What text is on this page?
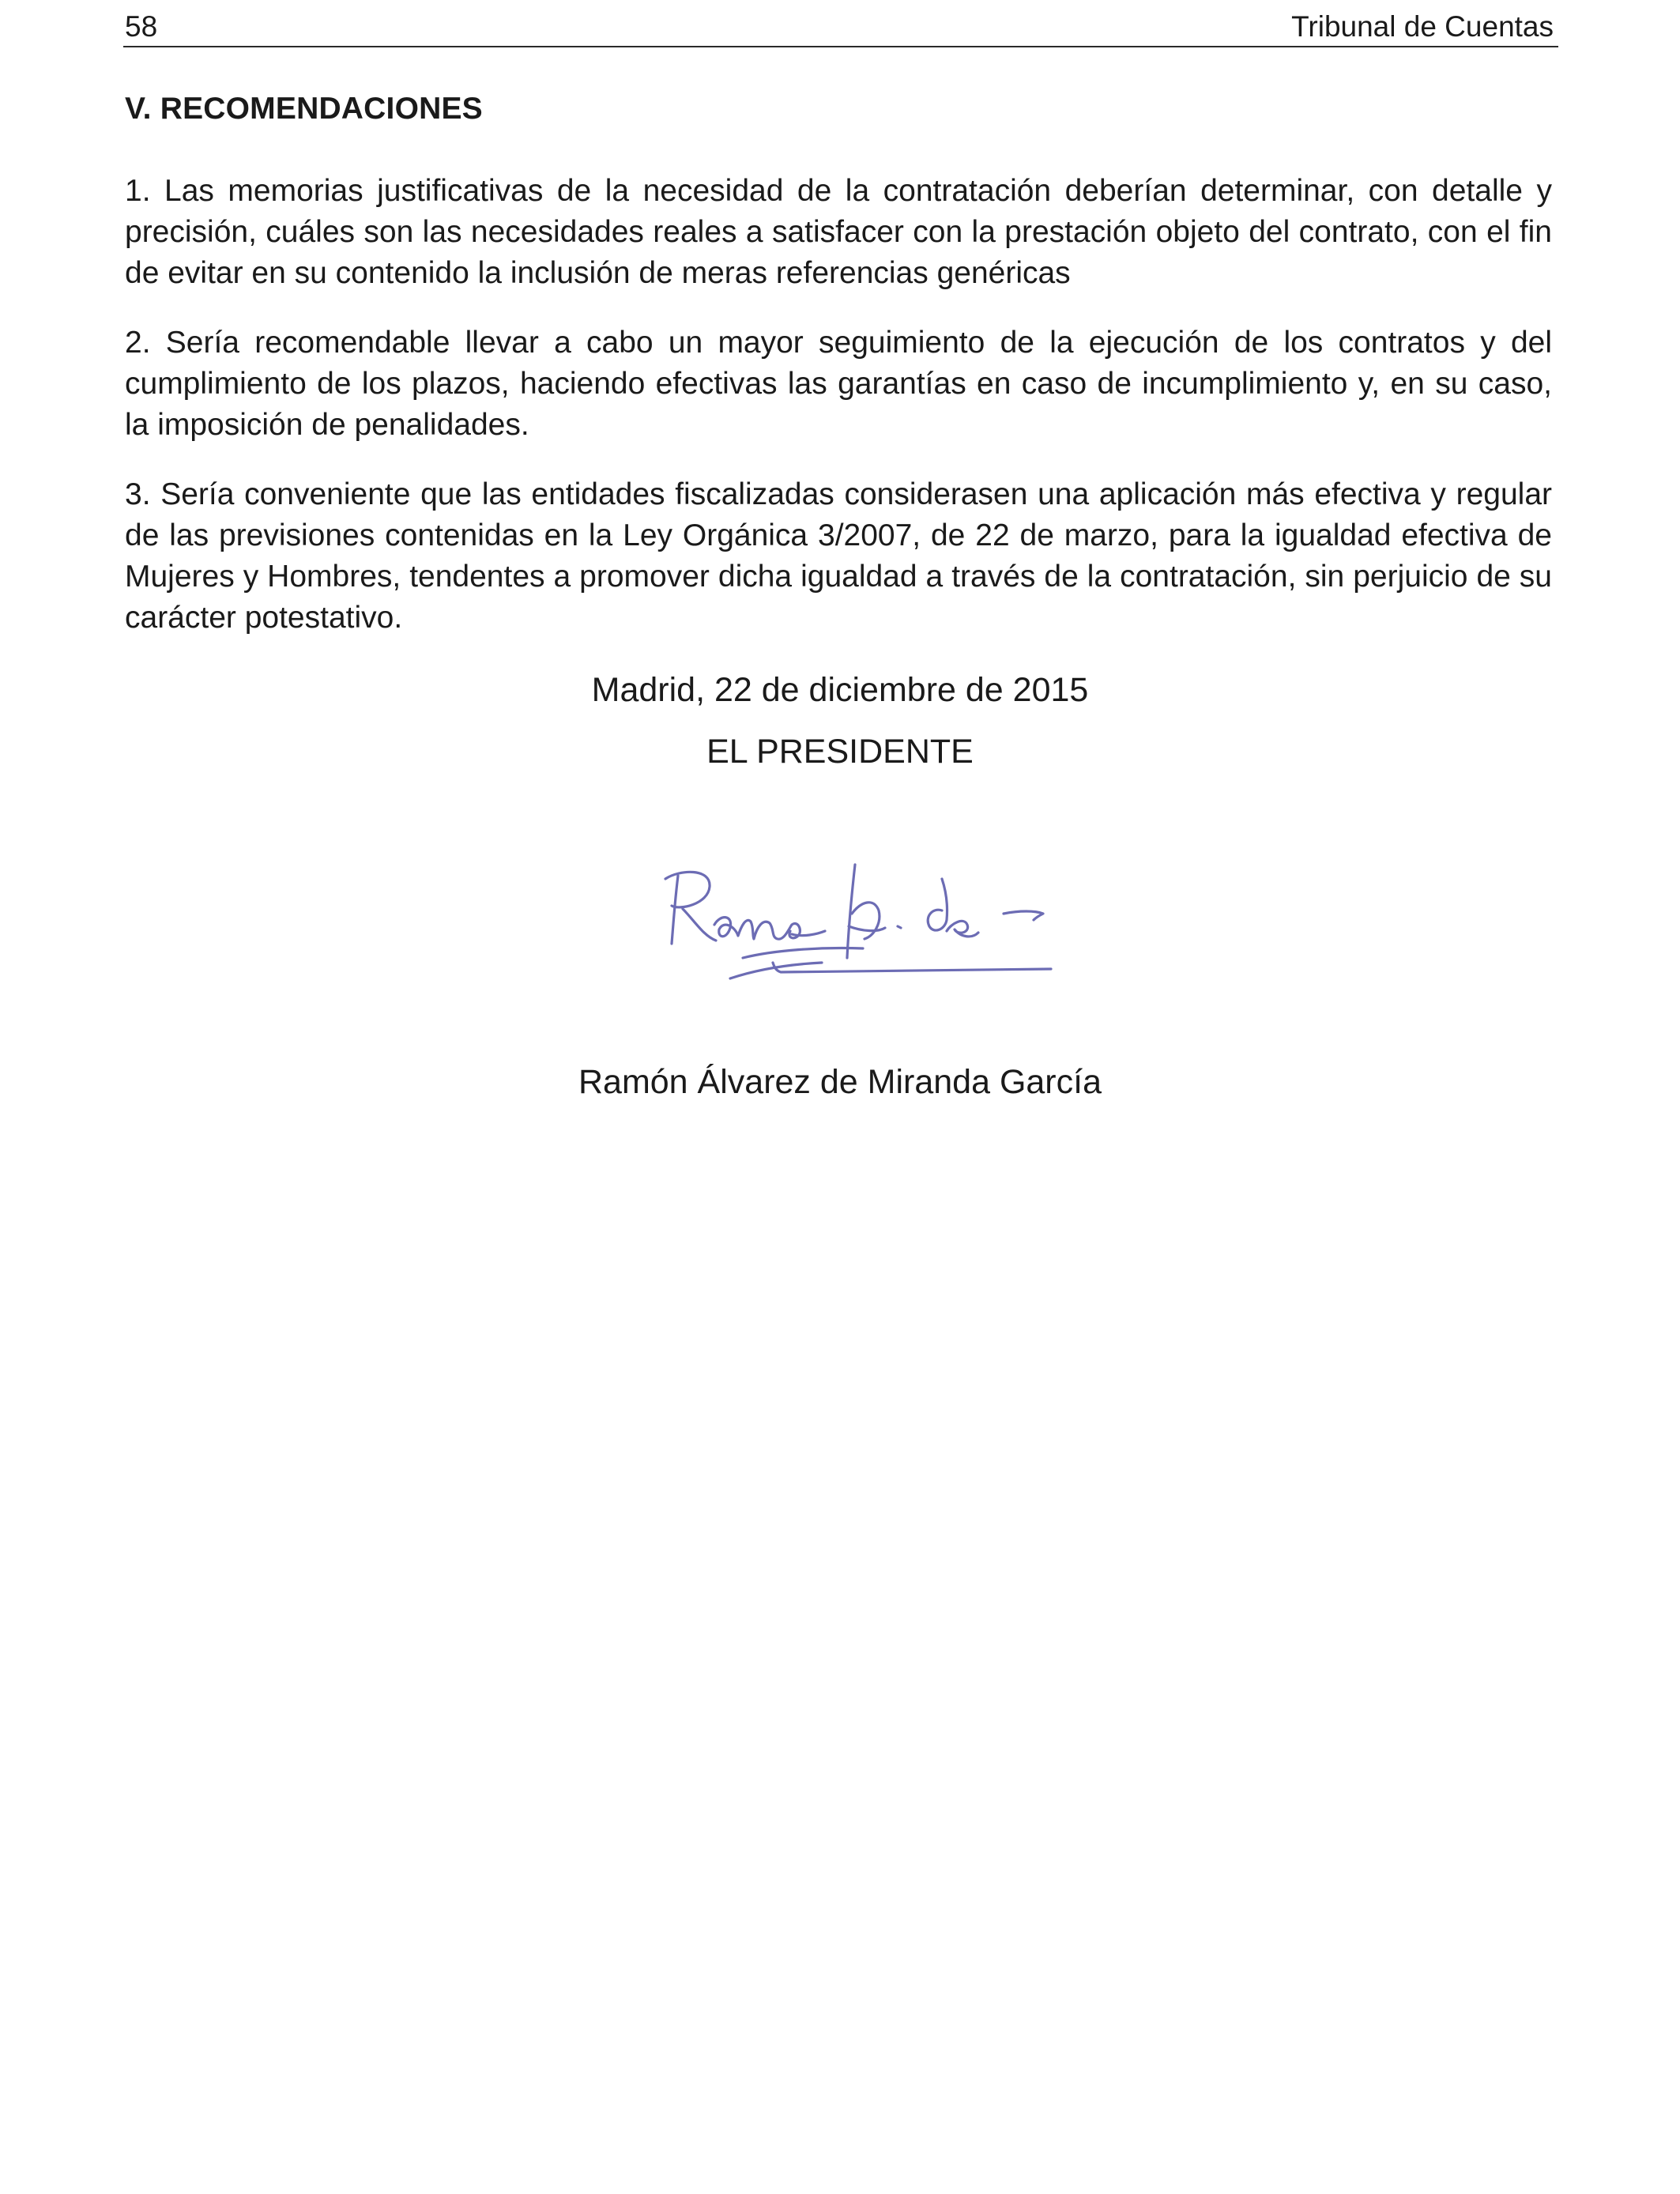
58	Tribunal de Cuentas
V. RECOMENDACIONES

1. Las memorias justificativas de la necesidad de la contratación deberían determinar, con detalle y precisión, cuáles son las necesidades reales a satisfacer con la prestación objeto del contrato, con el fin de evitar en su contenido la inclusión de meras referencias genéricas

2. Sería recomendable llevar a cabo un mayor seguimiento de la ejecución de los contratos y del cumplimiento de los plazos, haciendo efectivas las garantías en caso de incumplimiento y, en su caso, la imposición de penalidades.

3. Sería conveniente que las entidades fiscalizadas considerasen una aplicación más efectiva y regular de las previsiones contenidas en la Ley Orgánica 3/2007, de 22 de marzo, para la igualdad efectiva de Mujeres y Hombres, tendentes a promover dicha igualdad a través de la contratación, sin perjuicio de su carácter potestativo.

Madrid, 22 de diciembre de 2015
EL PRESIDENTE
Ramón Álvarez de Miranda García
